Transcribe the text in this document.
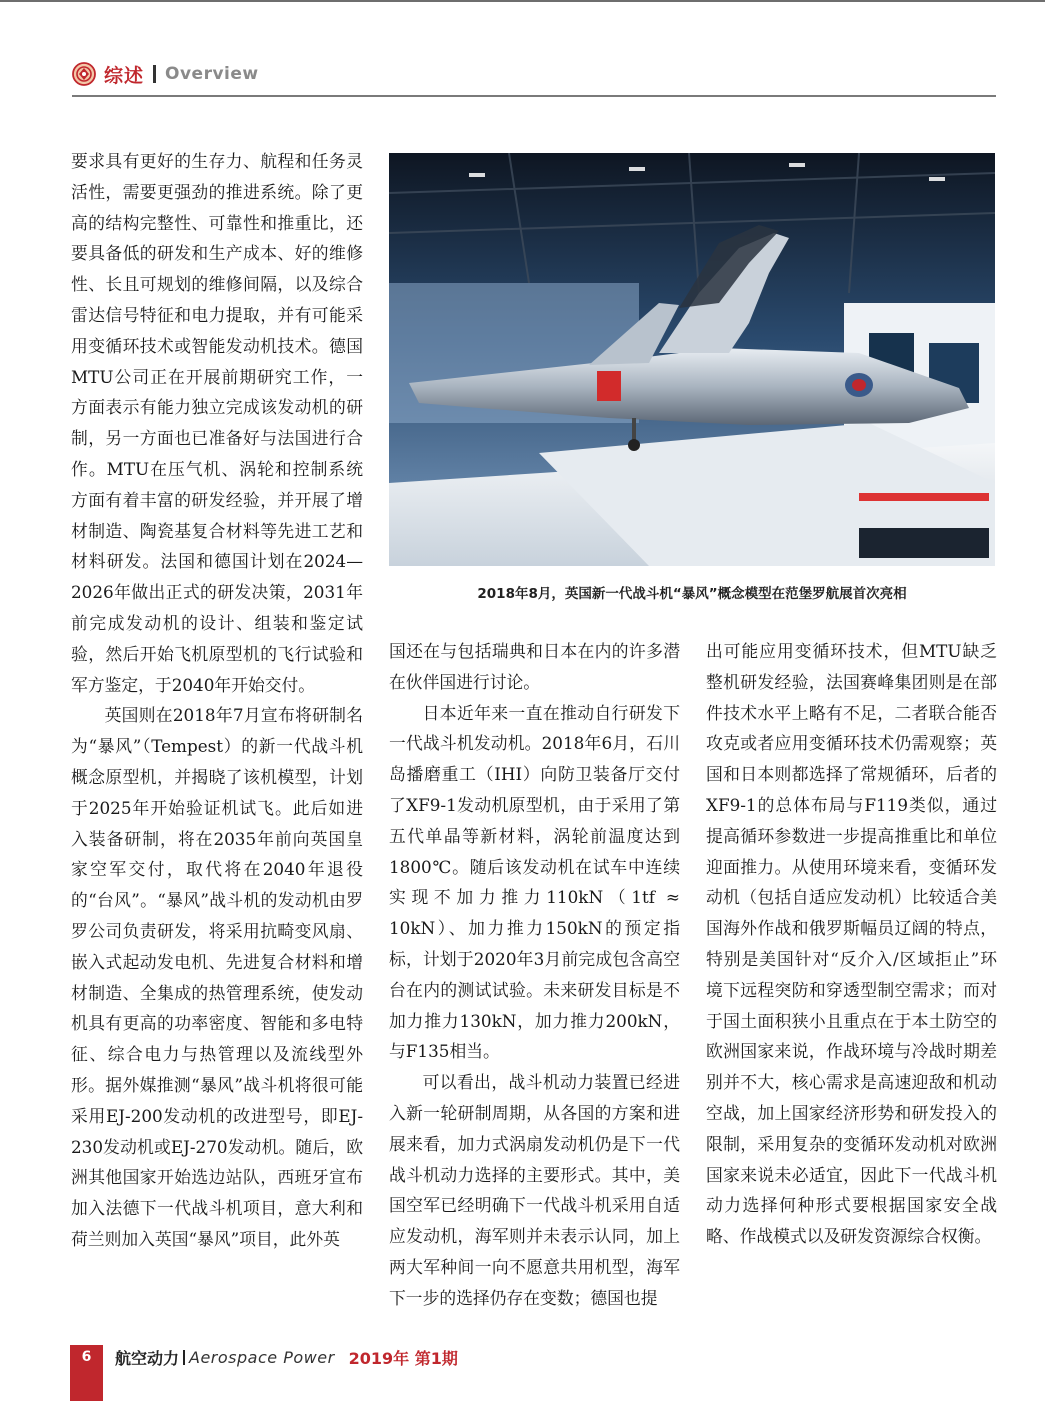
综述 Overview

要求具有更好的生存力、航程和任务灵活性，需要更强劲的推进系统。除了更高的结构完整性、可靠性和推重比，还要具备低的研发和生产成本、好的维修性、长且可规划的维修间隔，以及综合雷达信号特征和电力提取，并有可能采用变循环技术或智能发动机技术。德国MTU公司正在开展前期研究工作，一方面表示有能力独立完成该发动机的研制，另一方面也已准备好与法国进行合作。MTU在压气机、涡轮和控制系统方面有着丰富的研发经验，并开展了增材制造、陶瓷基复合材料等先进工艺和材料研发。法国和德国计划在2024—2026年做出正式的研发决策，2031年前完成发动机的设计、组装和鉴定试验，然后开始飞机原型机的飞行试验和军方鉴定，于2040年开始交付。

英国则在2018年7月宣布将研制名为“暴风”（Tempest）的新一代战斗机概念原型机，并揭晓了该机模型，计划于2025年开始验证机试飞。此后如进入装备研制，将在2035年前向英国皇家空军交付，取代将在2040年退役的“台风”。“暴风”战斗机的发动机由罗罗公司负责研发，将采用抗畸变风扇、嵌入式起动发电机、先进复合材料和增材制造、全集成的热管理系统，使发动机具有更高的功率密度、智能和多电特征、综合电力与热管理以及流线型外形。据外媒推测“暴风”战斗机将很可能采用EJ-200发动机的改进型号，即EJ-230发动机或EJ-270发动机。随后，欧洲其他国家开始选边站队，西班牙宣布加入法德下一代战斗机项目，意大利和荷兰则加入英国“暴风”项目，此外英

2018年8月，英国新一代战斗机“暴风”概念模型在范堡罗航展首次亮相

国还在与包括瑞典和日本在内的许多潜在伙伴国进行讨论。

日本近年来一直在推动自行研发下一代战斗机发动机。2018年6月，石川岛播磨重工（IHI）向防卫装备厅交付了XF9-1发动机原型机，由于采用了第五代单晶等新材料，涡轮前温度达到1800℃。随后该发动机在试车中连续实现不加力推力110kN（1tf ≈ 10kN）、加力推力150kN的预定指标，计划于2020年3月前完成包含高空台在内的测试试验。未来研发目标是不加力推力130kN，加力推力200kN，与F135相当。

可以看出，战斗机动力装置已经进入新一轮研制周期，从各国的方案和进展来看，加力式涡扇发动机仍是下一代战斗机动力选择的主要形式。其中，美国空军已经明确下一代战斗机采用自适应发动机，海军则并未表示认同，加上两大军种间一向不愿意共用机型，海军下一步的选择仍存在变数；德国也提

出可能应用变循环技术，但MTU缺乏整机研发经验，法国赛峰集团则是在部件技术水平上略有不足，二者联合能否攻克或者应用变循环技术仍需观察；英国和日本则都选择了常规循环，后者的XF9-1的总体布局与F119类似，通过提高循环参数进一步提高推重比和单位迎面推力。从使用环境来看，变循环发动机（包括自适应发动机）比较适合美国海外作战和俄罗斯幅员辽阔的特点，特别是美国针对“反介入/区域拒止”环境下远程突防和穿透型制空需求；而对于国土面积狭小且重点在于本土防空的欧洲国家来说，作战环境与冷战时期差别并不大，核心需求是高速迎敌和机动空战，加上国家经济形势和研发投入的限制，采用复杂的变循环发动机对欧洲国家来说未必适宜，因此下一代战斗机动力选择何种形式要根据国家安全战略、作战模式以及研发资源综合权衡。

6	航空动力 Aerospace Power 2019年 第1期
